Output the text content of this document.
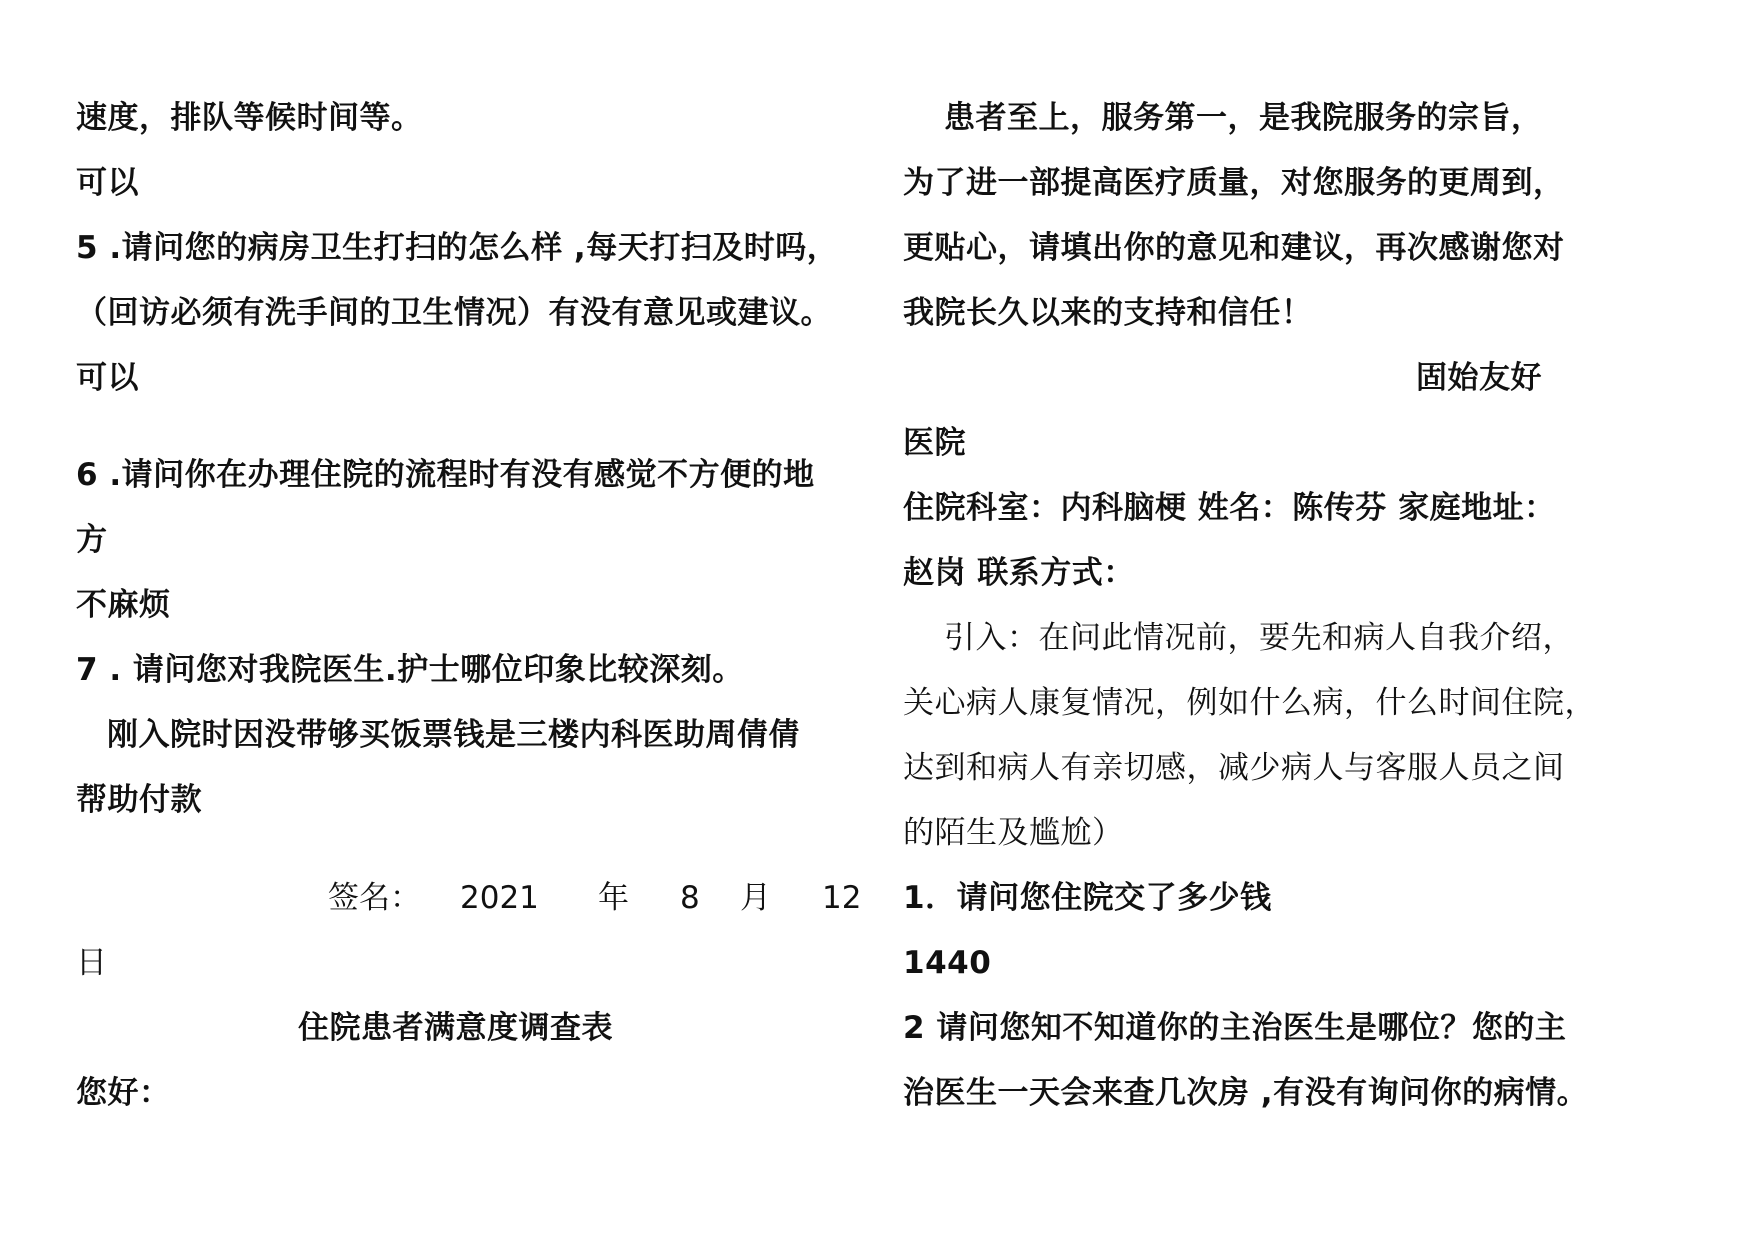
速度，排队等候时间等。
可以
5 .请问您的病房卫生打扫的怎么样 ,每天打扫及时吗，
（回访必须有洗手间的卫生情况）有没有意见或建议。
可以
6 .请问你在办理住院的流程时有没有感觉不方便的地
方
不麻烦
7 . 请问您对我院医生.护士哪位印象比较深刻。
刚入院时因没带够买饭票钱是三楼内科医助周倩倩
帮助付款
签名： 2021 年 8 月 12
日
住院患者满意度调查表
您好：
患者至上，服务第一，是我院服务的宗旨，
为了进一部提高医疗质量，对您服务的更周到，
更贴心，请填出你的意见和建议，再次感谢您对
我院长久以来的支持和信任！
固始友好
医院
住院科室：内科脑梗 姓名：陈传芬 家庭地址：
赵岗 联系方式：
引入：在问此情况前，要先和病人自我介绍，
关心病人康复情况，例如什么病，什么时间住院，
达到和病人有亲切感，减少病人与客服人员之间
的陌生及尴尬）
1．请问您住院交了多少钱
1440
2 请问您知不知道你的主治医生是哪位？您的主
治医生一天会来查几次房 ,有没有询问你的病情。
